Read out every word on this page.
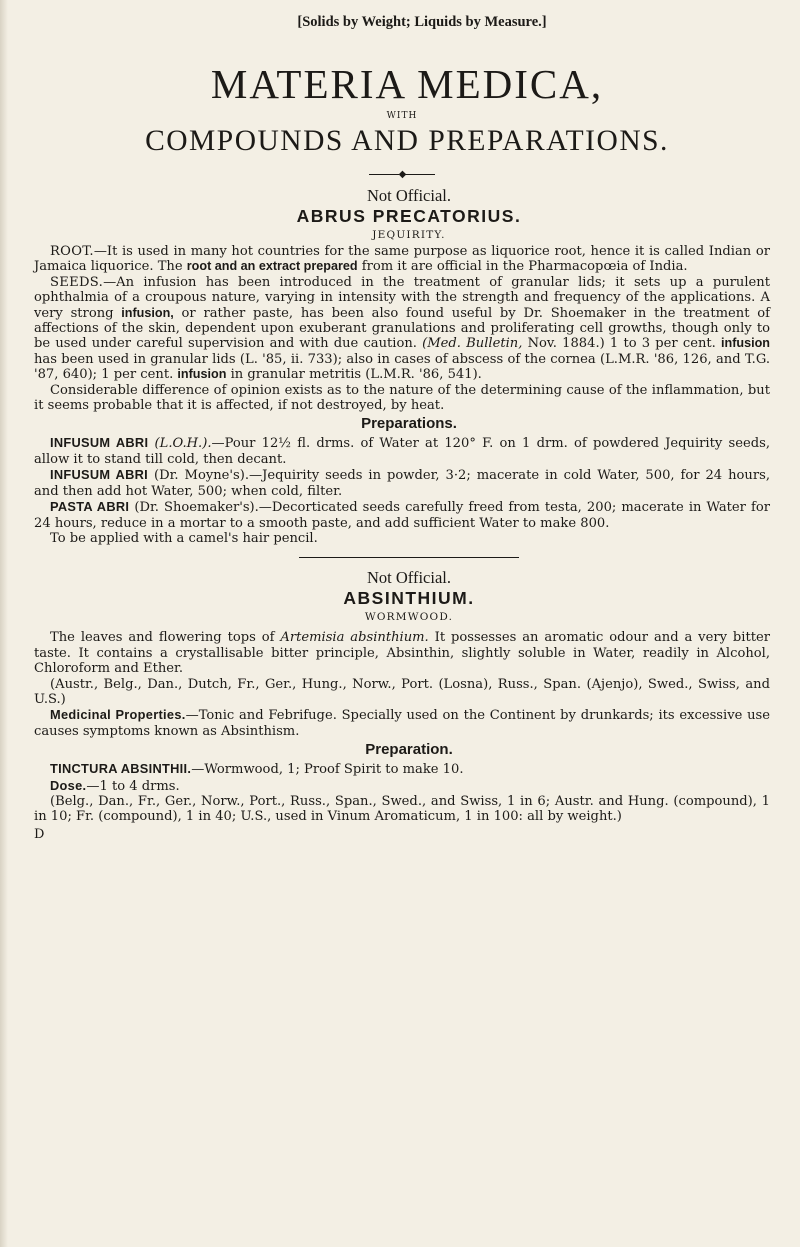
[Solids by Weight; Liquids by Measure.]
MATERIA MEDICA,
WITH
COMPOUNDS AND PREPARATIONS.
◆
Not Official.
ABRUS PRECATORIUS.
JEQUIRITY.

ROOT.—It is used in many hot countries for the same purpose as liquorice root, hence it is called Indian or Jamaica liquorice. The root and an extract prepared from it are official in the Pharmacopœia of India.

SEEDS.—An infusion has been introduced in the treatment of granular lids; it sets up a purulent ophthalmia of a croupous nature, varying in intensity with the strength and frequency of the applications. A very strong infusion, or rather paste, has been also found useful by Dr. Shoemaker in the treatment of affections of the skin, dependent upon exuberant granulations and proliferating cell growths, though only to be used under careful supervision and with due caution. (Med. Bulletin, Nov. 1884.) 1 to 3 per cent. infusion has been used in granular lids (L. '85, ii. 733); also in cases of abscess of the cornea (L.M.R. '86, 126, and T.G. '87, 640); 1 per cent. infusion in granular metritis (L.M.R. '86, 541).

Considerable difference of opinion exists as to the nature of the determining cause of the inflammation, but it seems probable that it is affected, if not destroyed, by heat.

Preparations.

INFUSUM ABRI (L.O.H.).—Pour 12½ fl. drms. of Water at 120° F. on 1 drm. of powdered Jequirity seeds, allow it to stand till cold, then decant.

INFUSUM ABRI (Dr. Moyne's).—Jequirity seeds in powder, 3·2; macerate in cold Water, 500, for 24 hours, and then add hot Water, 500; when cold, filter.

PASTA ABRI (Dr. Shoemaker's).—Decorticated seeds carefully freed from testa, 200; macerate in Water for 24 hours, reduce in a mortar to a smooth paste, and add sufficient Water to make 800.

To be applied with a camel's hair pencil.

Not Official.
ABSINTHIUM.
WORMWOOD.

The leaves and flowering tops of Artemisia absinthium. It possesses an aromatic odour and a very bitter taste. It contains a crystallisable bitter principle, Absinthin, slightly soluble in Water, readily in Alcohol, Chloroform and Ether.

(Austr., Belg., Dan., Dutch, Fr., Ger., Hung., Norw., Port. (Losna), Russ., Span. (Ajenjo), Swed., Swiss, and U.S.)

Medicinal Properties.—Tonic and Febrifuge. Specially used on the Continent by drunkards; its excessive use causes symptoms known as Absinthism.

Preparation.

TINCTURA ABSINTHII.—Wormwood, 1; Proof Spirit to make 10.

Dose.—1 to 4 drms.

(Belg., Dan., Fr., Ger., Norw., Port., Russ., Span., Swed., and Swiss, 1 in 6; Austr. and Hung. (compound), 1 in 10; Fr. (compound), 1 in 40; U.S., used in Vinum Aromaticum, 1 in 100: all by weight.)

D
